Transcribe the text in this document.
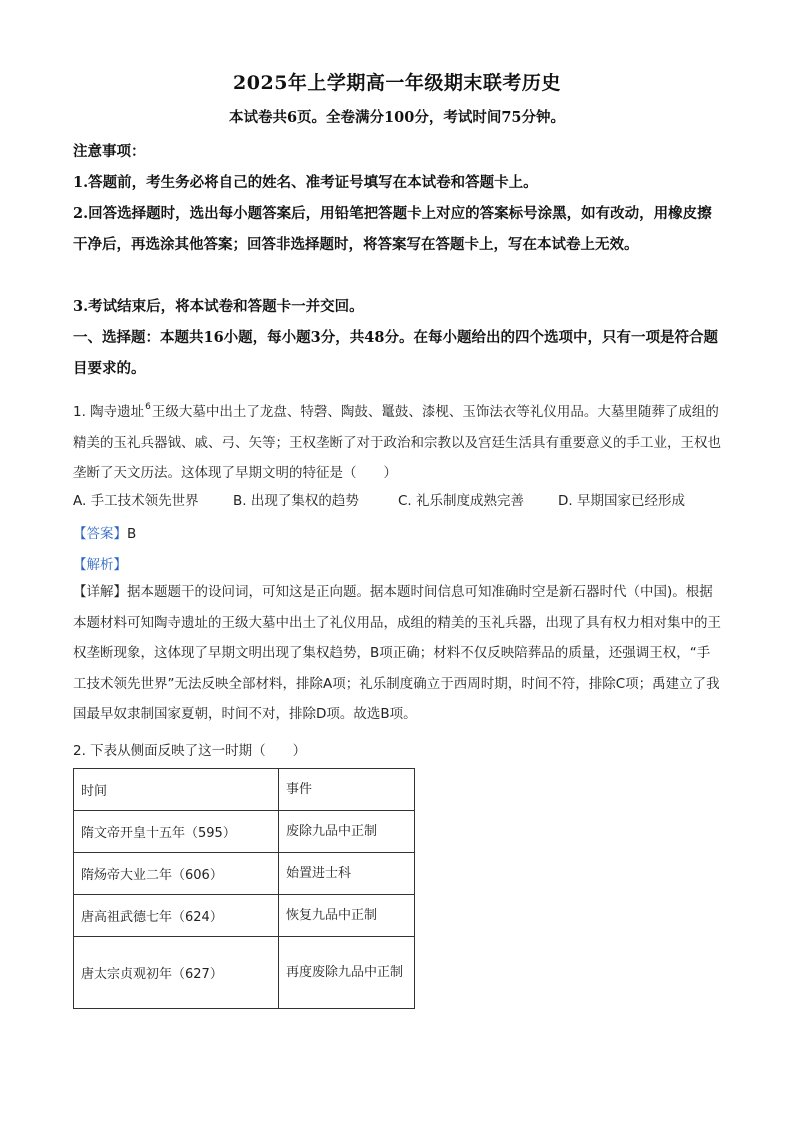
2025年上学期高一年级期末联考历史
本试卷共6页。全卷满分100分，考试时间75分钟。
注意事项：
1.答题前，考生务必将自己的姓名、准考证号填写在本试卷和答题卡上。
2.回答选择题时，选出每小题答案后，用铅笔把答题卡上对应的答案标号涂黑，如有改动，用橡皮擦干净后，再选涂其他答案；回答非选择题时，将答案写在答题卡上，写在本试卷上无效。
3.考试结束后，将本试卷和答题卡一并交回。
一、选择题：本题共16小题，每小题3分，共48分。在每小题给出的四个选项中，只有一项是符合题目要求的。
1. 陶寺遗址$^6$王级大墓中出土了龙盘、特磬、陶鼓、鼍鼓、漆枧、玉饰法衣等礼仪用品。大墓里随葬了成组的精美的玉礼兵器钺、戚、弓、矢等；王权垄断了对于政治和宗教以及宫廷生活具有重要意义的手工业，王权也垄断了天文历法。这体现了早期文明的特征是（　　）
A. 手工技术领先世界	B. 出现了集权的趋势	C. 礼乐制度成熟完善	D. 早期国家已经形成
【答案】B
【解析】
【详解】据本题题干的设问词，可知这是正向题。据本题时间信息可知准确时空是新石器时代（中国)。根据本题材料可知陶寺遗址的王级大墓中出土了礼仪用品，成组的精美的玉礼兵器，出现了具有权力相对集中的王权垄断现象，这体现了早期文明出现了集权趋势，B项正确；材料不仅反映陪葬品的质量，还强调王权，“手工技术领先世界”无法反映全部材料，排除A项；礼乐制度确立于西周时期，时间不符，排除C项；禹建立了我国最早奴隶制国家夏朝，时间不对，排除D项。故选B项。
2. 下表从侧面反映了这一时期（　　）
时间	事件
隋文帝开皇十五年（595）	废除九品中正制
隋炀帝大业二年（606）	始置进士科
唐高祖武德七年（624）	恢复九品中正制
唐太宗贞观初年（627）	再度废除九品中正制
